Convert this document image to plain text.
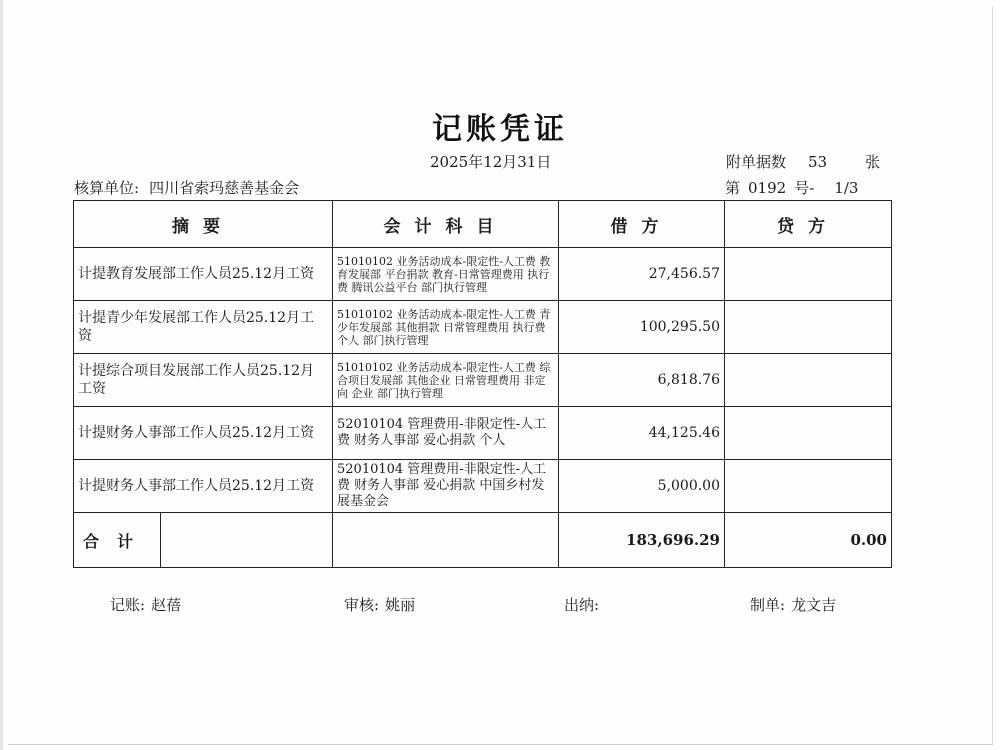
记账凭证
2025年12月31日	附单据数 53	张
核算单位: 四川省索玛慈善基金会	第 0192 号- 1/3
摘要	会计科目	借方	贷方
计提教育发展部工作人员25.12月工资	51010102 业务活动成本-限定性-人工费 教育发展部 平台捐款 教育-日常管理费用 执行费 腾讯公益平台 部门执行管理	27,456.57	
计提青少年发展部工作人员25.12月工资	51010102 业务活动成本-限定性-人工费 青少年发展部 其他捐款 日常管理费用 执行费 个人 部门执行管理	100,295.50	
计提综合项目发展部工作人员25.12月工资	51010102 业务活动成本-限定性-人工费 综合项目发展部 其他企业 日常管理费用 非定向 企业 部门执行管理	6,818.76	
计提财务人事部工作人员25.12月工资	52010104 管理费用-非限定性-人工费 财务人事部 爱心捐款 个人	44,125.46	
计提财务人事部工作人员25.12月工资	52010104 管理费用-非限定性-人工费 财务人事部 爱心捐款 中国乡村发展基金会	5,000.00	

合计		183,696.29	0.00
记账: 赵蓓	审核: 姚丽	出纳:	制单: 龙文吉
